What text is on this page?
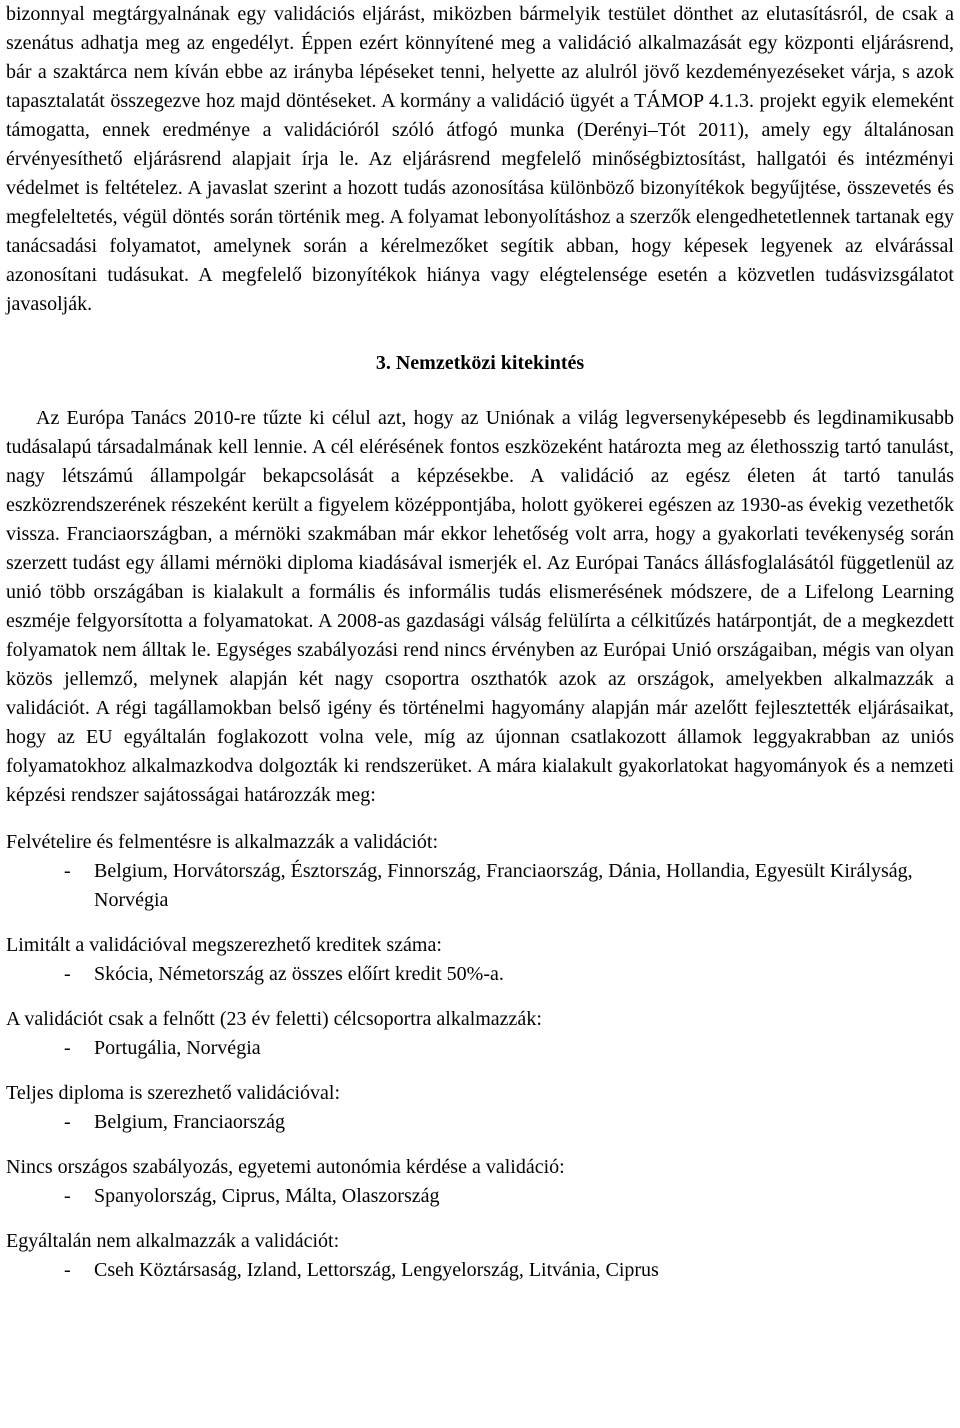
bizonnyal megtárgyalnának egy validációs eljárást, miközben bármelyik testület dönthet az elutasításról, de csak a szenátus adhatja meg az engedélyt. Éppen ezért könnyítené meg a validáció alkalmazását egy központi eljárásrend, bár a szaktárca nem kíván ebbe az irányba lépéseket tenni, helyette az alulról jövő kezdeményezéseket várja, s azok tapasztalatát összegezve hoz majd döntéseket. A kormány a validáció ügyét a TÁMOP 4.1.3. projekt egyik elemeként támogatta, ennek eredménye a validációról szóló átfogó munka (Derényi–Tót 2011), amely egy általánosan érvényesíthető eljárásrend alapjait írja le. Az eljárásrend megfelelő minőségbiztosítást, hallgatói és intézményi védelmet is feltételez. A javaslat szerint a hozott tudás azonosítása különböző bizonyítékok begyűjtése, összevetés és megfeleltetés, végül döntés során történik meg. A folyamat lebonyolításhoz a szerzők elengedhetetlennek tartanak egy tanácsadási folyamatot, amelynek során a kérelmezőket segítik abban, hogy képesek legyenek az elvárással azonosítani tudásukat. A megfelelő bizonyítékok hiánya vagy elégtelensége esetén a közvetlen tudásvizsgálatot javasolják.

3. Nemzetközi kitekintés

Az Európa Tanács 2010-re tűzte ki célul azt, hogy az Uniónak a világ legversenyképesebb és legdinamikusabb tudásalapú társadalmának kell lennie. A cél elérésének fontos eszközeként határozta meg az élethosszig tartó tanulást, nagy létszámú állampolgár bekapcsolását a képzésekbe. A validáció az egész életen át tartó tanulás eszközrendszerének részeként került a figyelem középpontjába, holott gyökerei egészen az 1930-as évekig vezethetők vissza. Franciaországban, a mérnöki szakmában már ekkor lehetőség volt arra, hogy a gyakorlati tevékenység során szerzett tudást egy állami mérnöki diploma kiadásával ismerjék el. Az Európai Tanács állásfoglalásától függetlenül az unió több országában is kialakult a formális és informális tudás elismerésének módszere, de a Lifelong Learning eszméje felgyorsította a folyamatokat. A 2008-as gazdasági válság felülírta a célkitűzés határpontját, de a megkezdett folyamatok nem álltak le. Egységes szabályozási rend nincs érvényben az Európai Unió országaiban, mégis van olyan közös jellemző, melynek alapján két nagy csoportra oszthatók azok az országok, amelyekben alkalmazzák a validációt. A régi tagállamokban belső igény és történelmi hagyomány alapján már azelőtt fejlesztették eljárásaikat, hogy az EU egyáltalán foglakozott volna vele, míg az újonnan csatlakozott államok leggyakrabban az uniós folyamatokhoz alkalmazkodva dolgozták ki rendszerüket. A mára kialakult gyakorlatokat hagyományok és a nemzeti képzési rendszer sajátosságai határozzák meg:

Felvételire és felmentésre is alkalmazzák a validációt:

-	Belgium, Horvátország, Észtország, Finnország, Franciaország, Dánia, Hollandia, Egyesült Királyság, Norvégia

Limitált a validációval megszerezhető kreditek száma:

-	Skócia, Németország az összes előírt kredit 50%-a.

A validációt csak a felnőtt (23 év feletti) célcsoportra alkalmazzák:

-	Portugália, Norvégia

Teljes diploma is szerezhető validációval:

-	Belgium, Franciaország

Nincs országos szabályozás, egyetemi autonómia kérdése a validáció:

-	Spanyolország, Ciprus, Málta, Olaszország

Egyáltalán nem alkalmazzák a validációt:

-	Cseh Köztársaság, Izland, Lettország, Lengyelország, Litvánia, Ciprus
